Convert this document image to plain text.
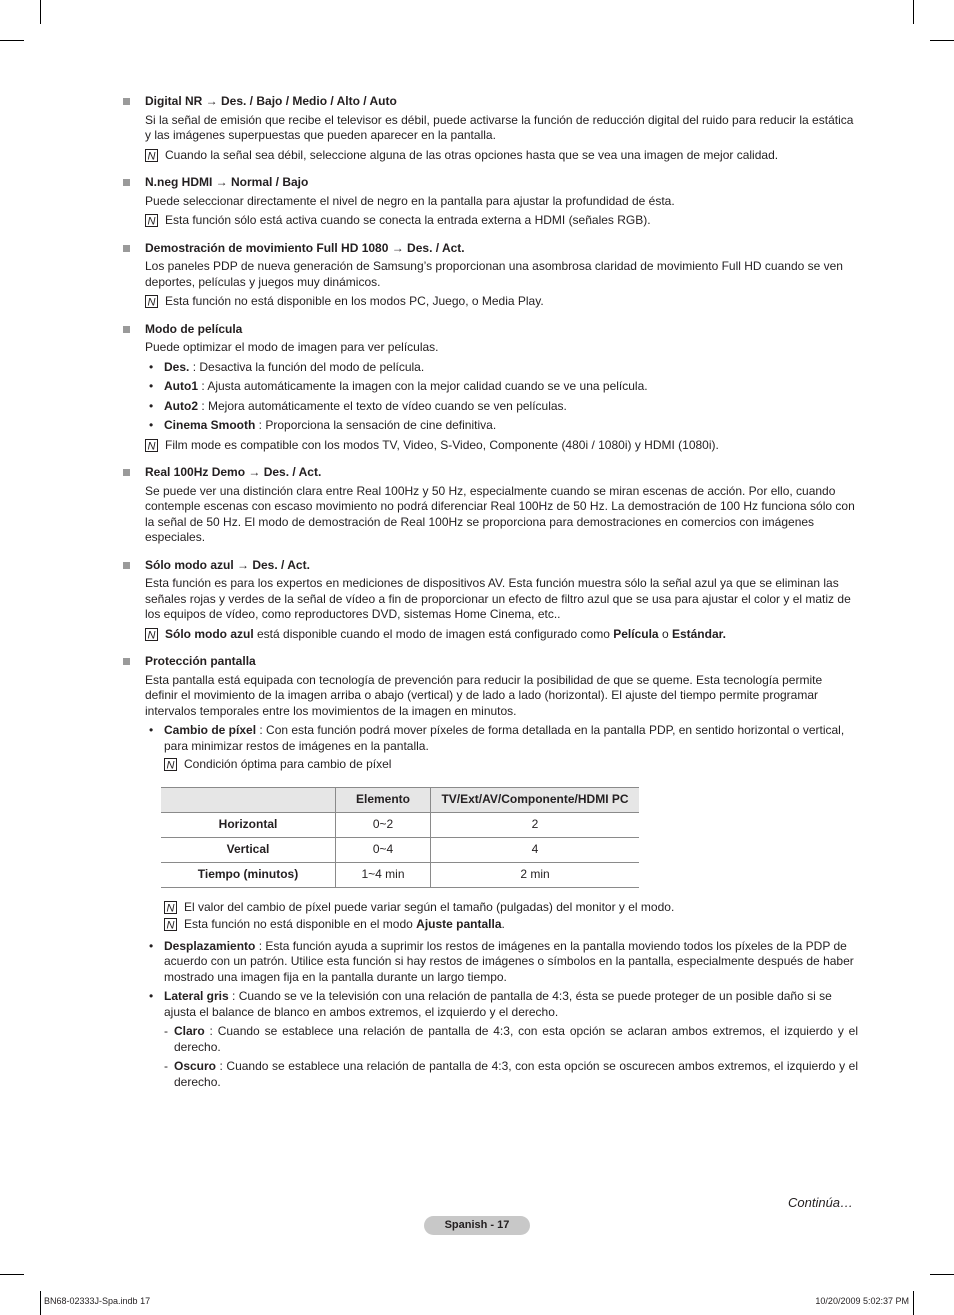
Digital NR → Des. / Bajo / Medio / Alto / Auto
Si la señal de emisión que recibe el televisor es débil, puede activarse la función de reducción digital del ruido para reducir la estática y las imágenes superpuestas que pueden aparecer en la pantalla.
N Cuando la señal sea débil, seleccione alguna de las otras opciones hasta que se vea una imagen de mejor calidad.
N.neg HDMI → Normal / Bajo
Puede seleccionar directamente el nivel de negro en la pantalla para ajustar la profundidad de ésta.
N Esta función sólo está activa cuando se conecta la entrada externa a HDMI (señales RGB).
Demostración de movimiento Full HD 1080 → Des. / Act.
Los paneles PDP de nueva generación de Samsung’s proporcionan una asombrosa claridad de movimiento Full HD cuando se ven deportes, películas y juegos muy dinámicos.
N Esta función no está disponible en los modos PC, Juego, o Media Play.
Modo de película
Puede optimizar el modo de imagen para ver películas.
• Des. : Desactiva la función del modo de película.
• Auto1 : Ajusta automáticamente la imagen con la mejor calidad cuando se ve una película.
• Auto2 : Mejora automáticamente el texto de vídeo cuando se ven películas.
• Cinema Smooth : Proporciona la sensación de cine definitiva.
N Film mode es compatible con los modos TV, Video, S-Video, Componente (480i / 1080i) y HDMI (1080i).
Real 100Hz Demo → Des. / Act.
Se puede ver una distinción clara entre Real 100Hz y 50 Hz, especialmente cuando se miran escenas de acción. Por ello, cuando contemple escenas con escaso movimiento no podrá diferenciar Real 100Hz de 50 Hz. La demostración de 100 Hz funciona sólo con la señal de 50 Hz. El modo de demostración de Real 100Hz se proporciona para demostraciones en comercios con imágenes especiales.
Sólo modo azul → Des. / Act.
Esta función es para los expertos en mediciones de dispositivos AV. Esta función muestra sólo la señal azul ya que se eliminan las señales rojas y verdes de la señal de vídeo a fin de proporcionar un efecto de filtro azul que se usa para ajustar el color y el matiz de los equipos de vídeo, como reproductores DVD, sistemas Home Cinema, etc..
N Sólo modo azul está disponible cuando el modo de imagen está configurado como Película o Estándar.
Protección pantalla
Esta pantalla está equipada con tecnología de prevención para reducir la posibilidad de que se queme. Esta tecnología permite definir el movimiento de la imagen arriba o abajo (vertical) y de lado a lado (horizontal). El ajuste del tiempo permite programar intervalos temporales entre los movimientos de la imagen en minutos.
• Cambio de píxel : Con esta función podrá mover píxeles de forma detallada en la pantalla PDP, en sentido horizontal o vertical, para minimizar restos de imágenes en la pantalla.
N Condición óptima para cambio de píxel
	Elemento	TV/Ext/AV/Componente/HDMI PC
Horizontal	0~2	2
Vertical	0~4	4
Tiempo (minutos)	1~4 min	2 min
N El valor del cambio de píxel puede variar según el tamaño (pulgadas) del monitor y el modo.
N Esta función no está disponible en el modo Ajuste pantalla.
• Desplazamiento : Esta función ayuda a suprimir los restos de imágenes en la pantalla moviendo todos los píxeles de la PDP de acuerdo con un patrón. Utilice esta función si hay restos de imágenes o símbolos en la pantalla, especialmente después de haber mostrado una imagen fija en la pantalla durante un largo tiempo.
• Lateral gris : Cuando se ve la televisión con una relación de pantalla de 4:3, ésta se puede proteger de un posible daño si se ajusta el balance de blanco en ambos extremos, el izquierdo y el derecho.
- Claro : Cuando se establece una relación de pantalla de 4:3, con esta opción se aclaran ambos extremos, el izquierdo y el derecho.
- Oscuro : Cuando se establece una relación de pantalla de 4:3, con esta opción se oscurecen ambos extremos, el izquierdo y el derecho.
Continúa…
Spanish - 17
BN68-02333J-Spa.indb 17	10/20/2009 5:02:37 PM
